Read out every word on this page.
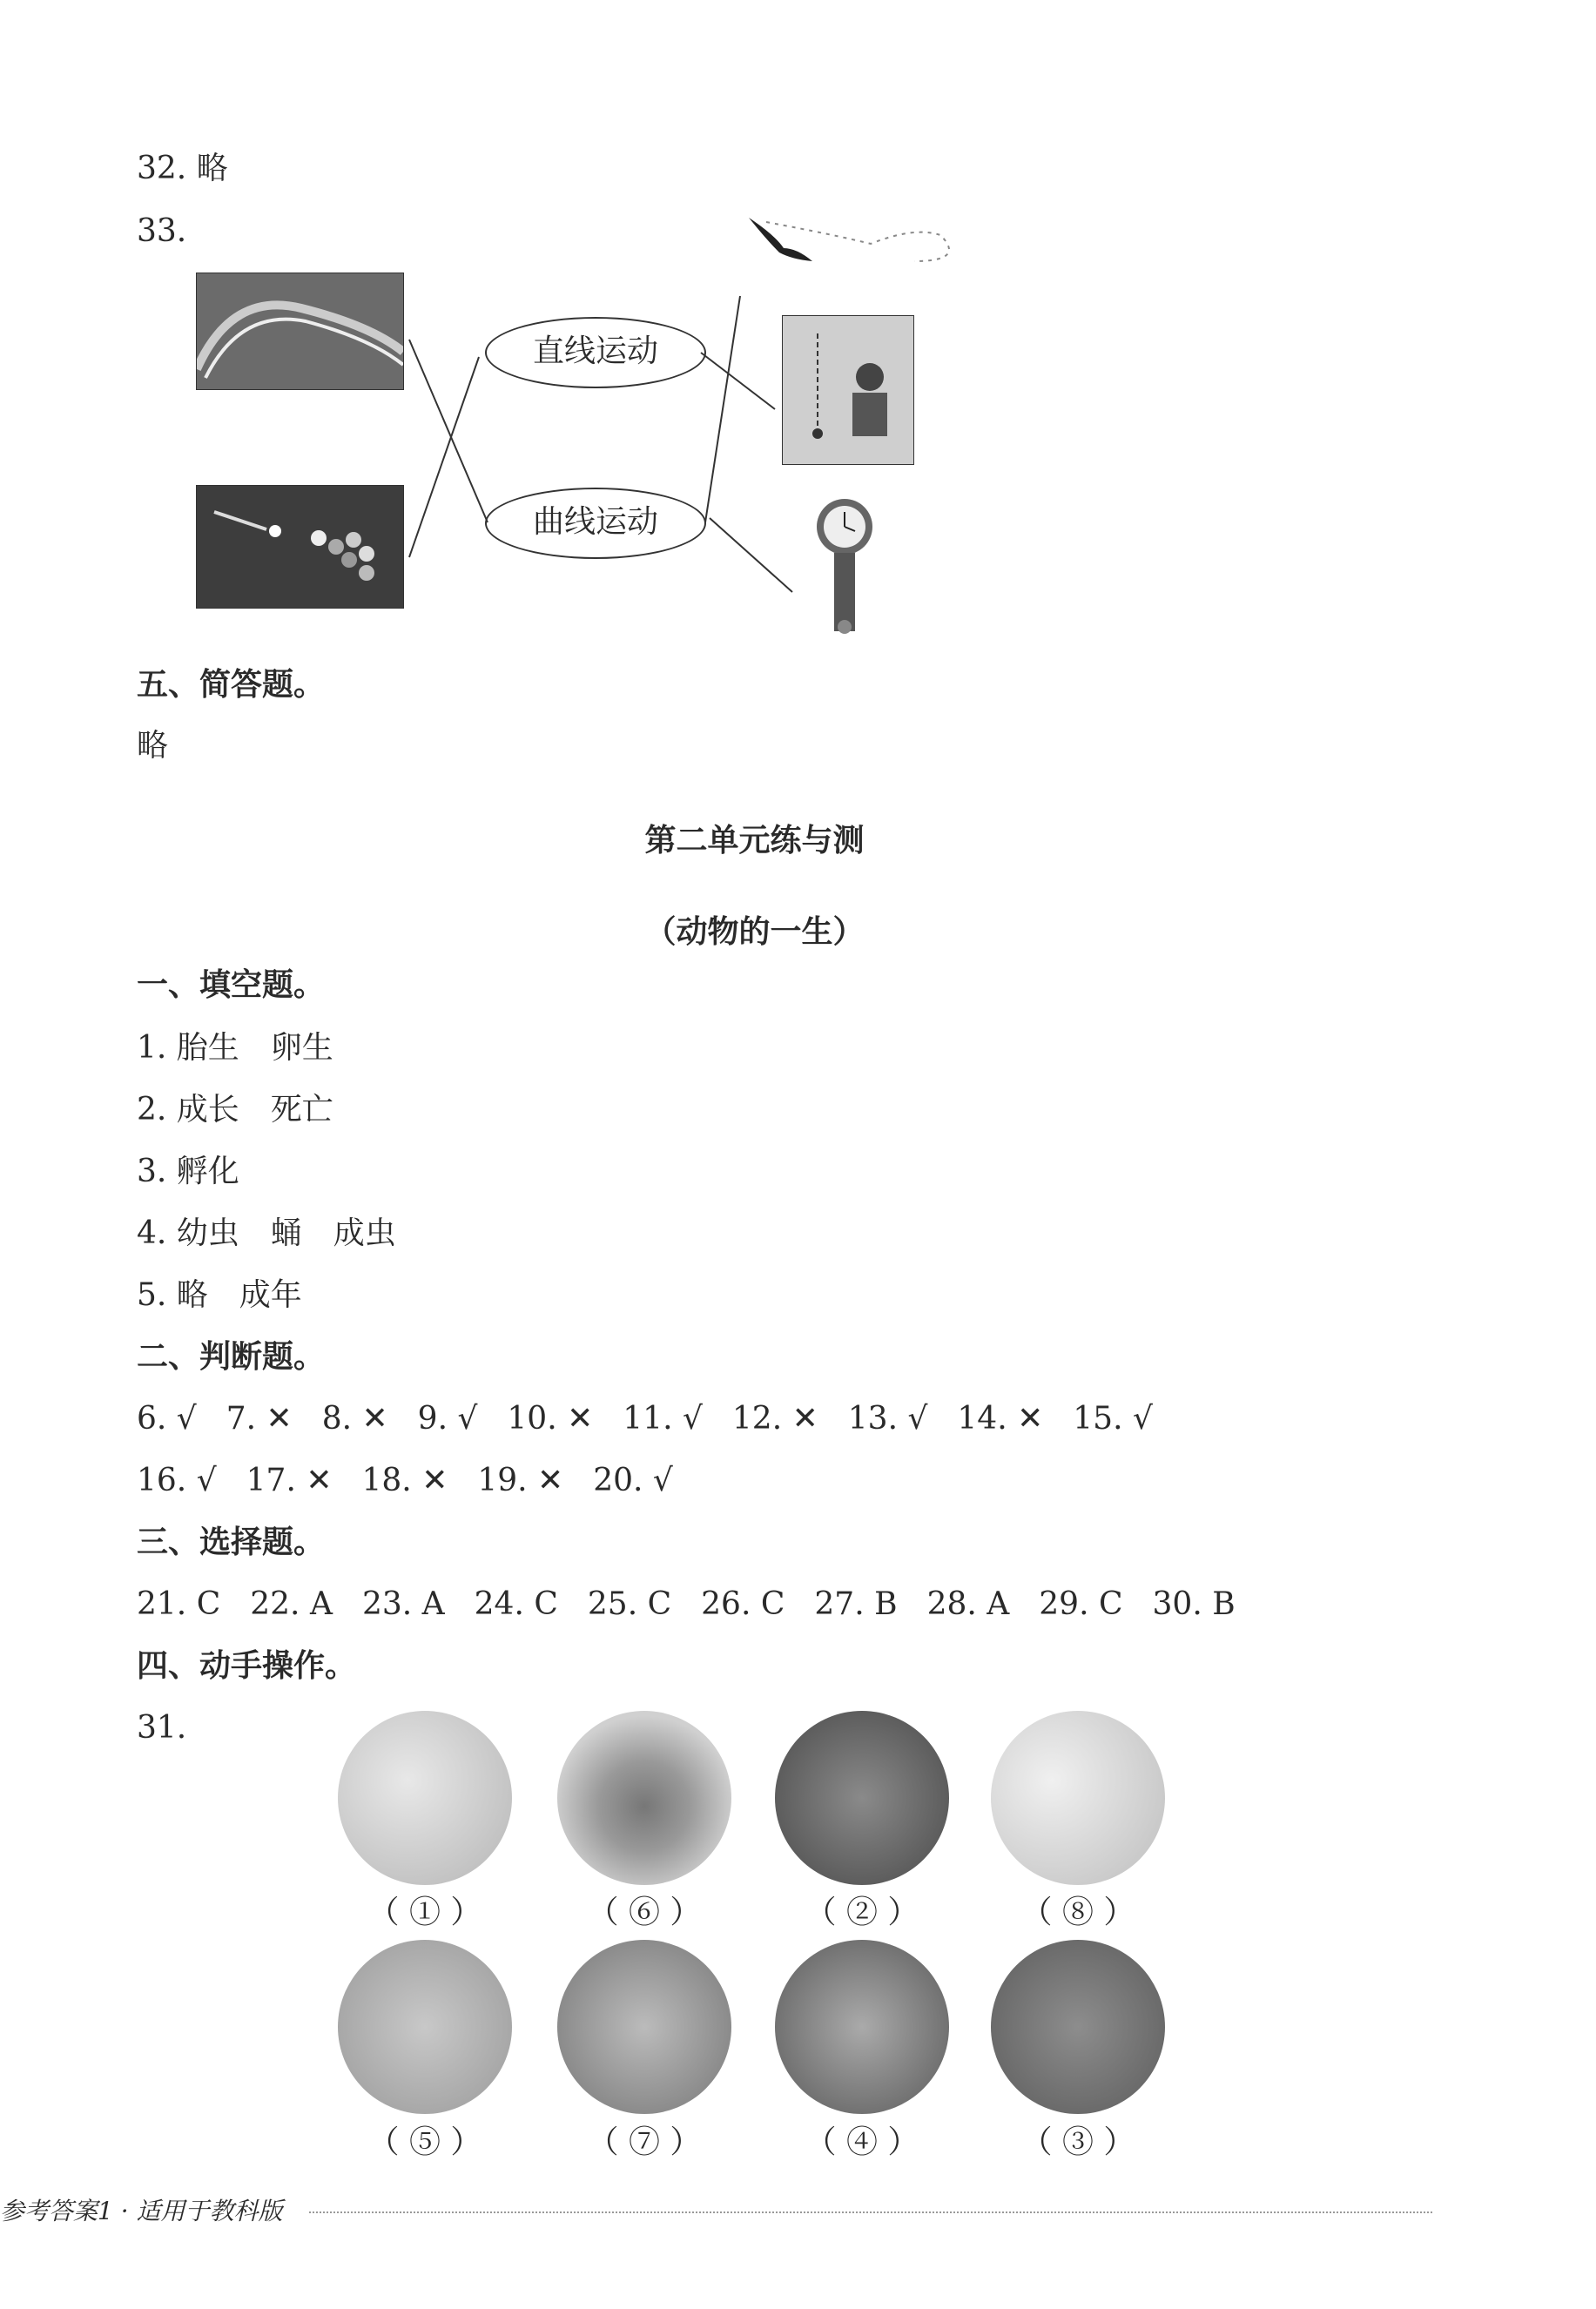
32. 略
33.
直线运动
曲线运动
五、简答题。
略
第二单元练与测
（动物的一生）
一、填空题。
1. 胎生　卵生
2. 成长　死亡
3. 孵化
4. 幼虫　蛹　成虫
5. 略　成年
二、判断题。
6. √ 7. ✕ 8. ✕ 9. √ 10. ✕ 11. √ 12. ✕ 13. √ 14. ✕ 15. √
16. √ 17. ✕ 18. ✕ 19. ✕ 20. √
三、选择题。
21. C 22. A 23. A 24. C 25. C 26. C 27. B 28. A 29. C 30. B
四、动手操作。
31.
（ ① ）	（ ⑥ ）	（ ② ）	（ ⑧ ）
（ ⑤ ）	（ ⑦ ）	（ ④ ）	（ ③ ）
参考答案1 · 适用于教科版
